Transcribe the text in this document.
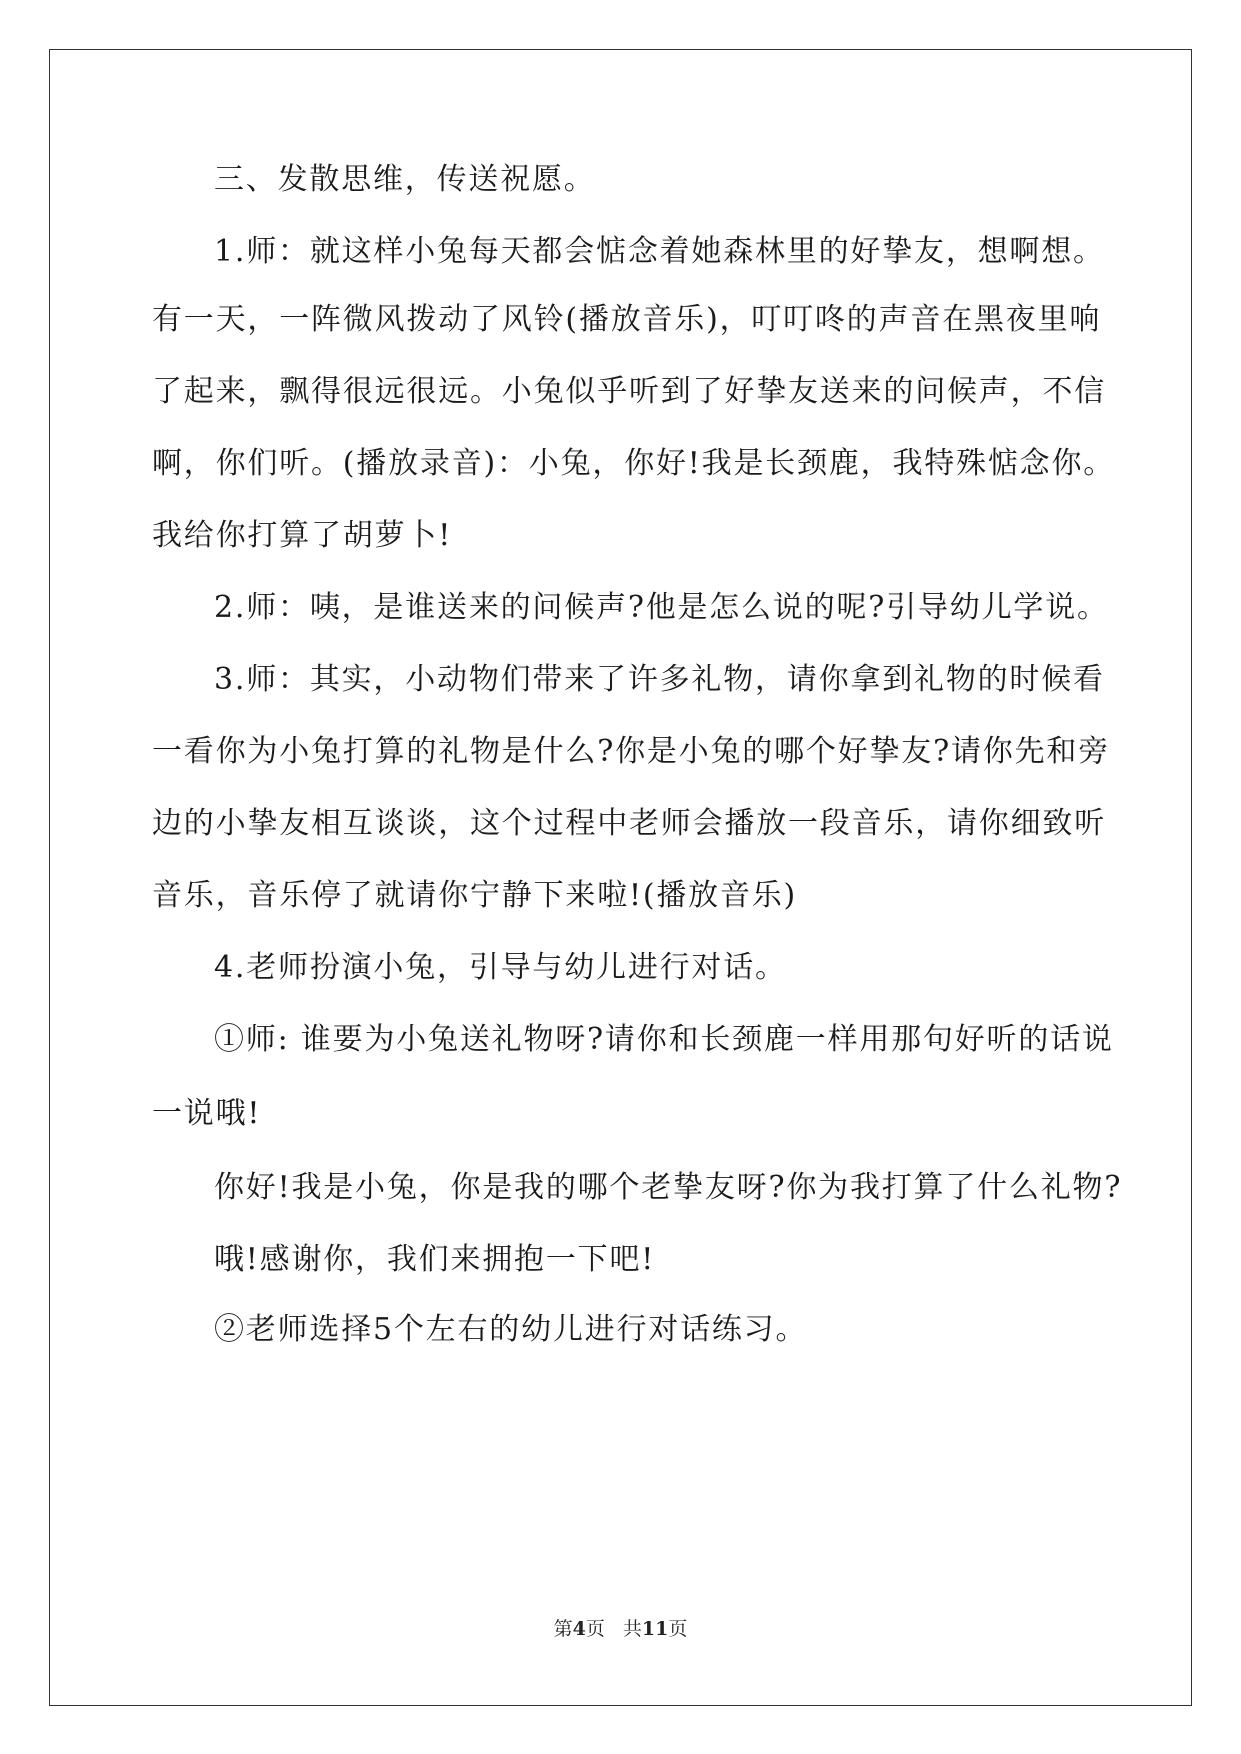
三、发散思维，传送祝愿。
1.师：就这样小兔每天都会惦念着她森林里的好挚友，想啊想。
有一天，一阵微风拨动了风铃(播放音乐)，叮叮咚的声音在黑夜里响
了起来，飘得很远很远。小兔似乎听到了好挚友送来的问候声，不信
啊，你们听。(播放录音)：小兔，你好!我是长颈鹿，我特殊惦念你。
我给你打算了胡萝卜!
2.师：咦，是谁送来的问候声?他是怎么说的呢?引导幼儿学说。
3.师：其实，小动物们带来了许多礼物，请你拿到礼物的时候看
一看你为小兔打算的礼物是什么?你是小兔的哪个好挚友?请你先和旁
边的小挚友相互谈谈，这个过程中老师会播放一段音乐，请你细致听
音乐，音乐停了就请你宁静下来啦!(播放音乐)
4.老师扮演小兔，引导与幼儿进行对话。
①师: 谁要为小兔送礼物呀?请你和长颈鹿一样用那句好听的话说
一说哦!
你好!我是小兔，你是我的哪个老挚友呀?你为我打算了什么礼物?
哦!感谢你，我们来拥抱一下吧!
②老师选择5个左右的幼儿进行对话练习。
第4页 共11页
